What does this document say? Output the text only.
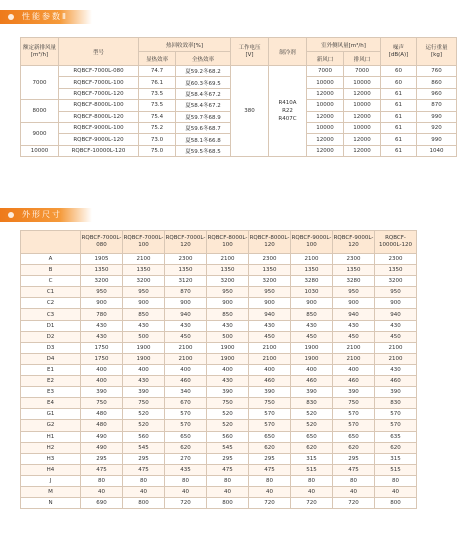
性能参数Ⅱ
额定新排风量
[m³/h]	型号	热回收效率[%]		工作电压
[V]	制冷剂	室外侧风量[m³/h]		噪声
[dB(A)]	运行重量
[kg]
		显热效率	全热效率			新风口	排风口		
7000	RQBCF-7000L-080	74.7	夏59.2冬68.2	380	R410A
R22
R407C	7000	7000	60	760
	RQBCF-7000L-100	76.1	夏60.3冬69.5			10000	10000	60	860
	RQBCF-7000L-120	73.5	夏58.4冬67.2			12000	12000	61	960
8000	RQBCF-8000L-100	73.5	夏58.4冬67.2			10000	10000	61	870
	RQBCF-8000L-120	75.4	夏59.7冬68.9			12000	12000	61	990
9000	RQBCF-9000L-100	75.2	夏59.6冬68.7			10000	10000	61	920
	RQBCF-9000L-120	73.0	夏58.1冬66.8			12000	12000	61	990
10000	RQBCF-10000L-120	75.0	夏59.5冬68.5			12000	12000	61	1040
外形尺寸
	RQBCF-7000L-080	RQBCF-7000L-100	RQBCF-7000L-120	RQBCF-8000L-100	RQBCF-8000L-120	RQBCF-9000L-100	RQBCF-9000L-120	RQBCF-10000L-120
A	1905	2100	2300	2100	2300	2100	2300	2300
B	1350	1350	1350	1350	1350	1350	1350	1350
C	3200	3200	3120	3200	3200	3280	3280	3200
C1	950	950	870	950	950	1030	950	950
C2	900	900	900	900	900	900	900	900
C3	780	850	940	850	940	850	940	940
D1	430	430	430	430	430	430	430	430
D2	430	500	450	500	450	450	450	450
D3	1750	1900	2100	1900	2100	1900	2100	2100
D4	1750	1900	2100	1900	2100	1900	2100	2100
E1	400	400	400	400	400	400	400	430
E2	400	430	460	430	460	460	460	460
E3	390	390	340	390	390	390	390	390
E4	750	750	670	750	750	830	750	830
G1	480	520	570	520	570	520	570	570
G2	480	520	570	520	570	520	570	570
H1	490	560	650	560	650	650	650	635
H2	490	545	620	545	620	620	620	620
H3	295	295	270	295	295	315	295	315
H4	475	475	435	475	475	515	475	515
J	80	80	80	80	80	80	80	80
M	40	40	40	40	40	40	40	40
N	690	800	720	800	720	720	720	800
